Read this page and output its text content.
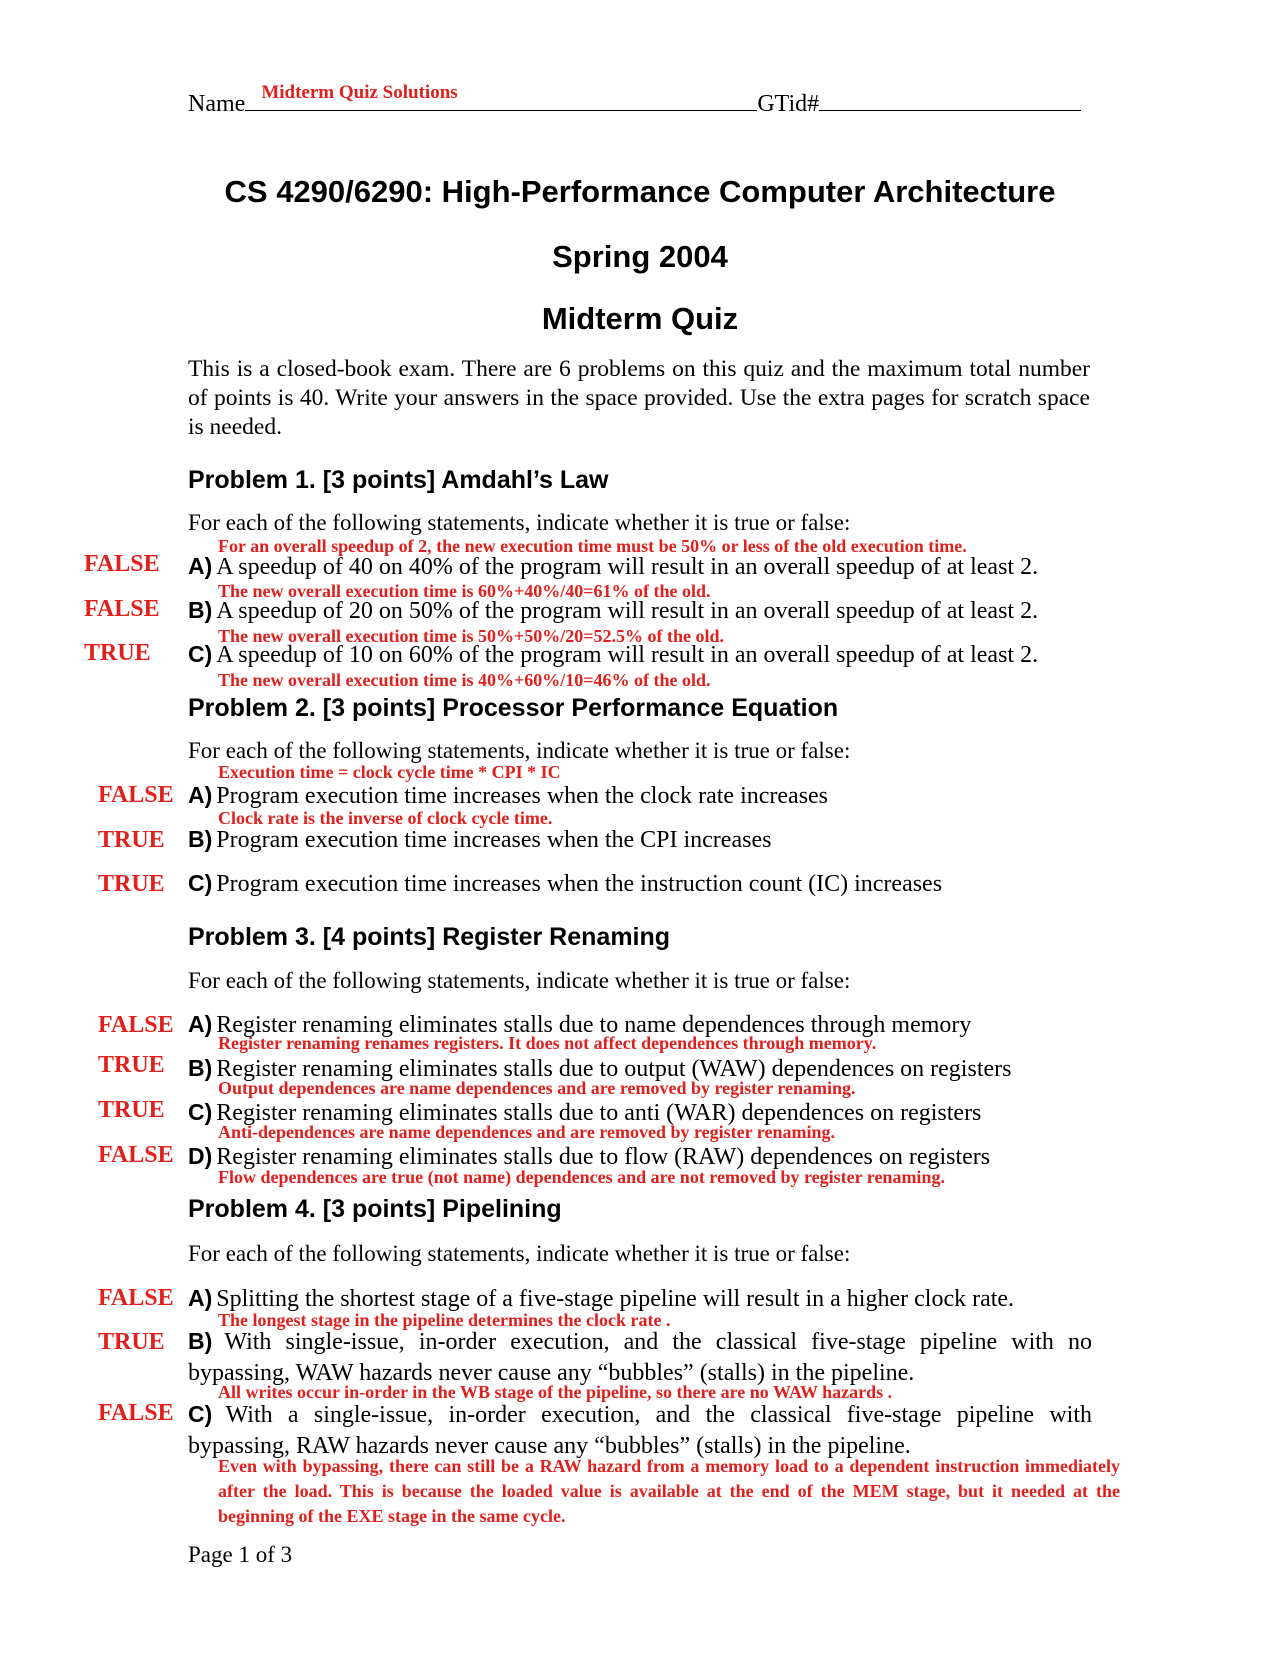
Name Midterm Quiz Solutions	GTid#
CS 4290/6290: High-Performance Computer Architecture
Spring 2004
Midterm Quiz
This is a closed-book exam. There are 6 problems on this quiz and the maximum total number of points is 40. Write your answers in the space provided. Use the extra pages for scratch space is needed.
Problem 1. [3 points] Amdahl’s Law
For each of the following statements, indicate whether it is true or false:
For an overall speedup of 2, the new execution time must be 50% or less of the old execution time.
FALSE A) A speedup of 40 on 40% of the program will result in an overall speedup of at least 2.
The new overall execution time is 60%+40%/40=61% of the old.
FALSE B) A speedup of 20 on 50% of the program will result in an overall speedup of at least 2.
The new overall execution time is 50%+50%/20=52.5% of the old.
TRUE C) A speedup of 10 on 60% of the program will result in an overall speedup of at least 2.
The new overall execution time is 40%+60%/10=46% of the old.
Problem 2. [3 points] Processor Performance Equation
For each of the following statements, indicate whether it is true or false:
Execution time = clock cycle time * CPI * IC
FALSE A) Program execution time increases when the clock rate increases
Clock rate is the inverse of clock cycle time.
TRUE B) Program execution time increases when the CPI increases
TRUE C) Program execution time increases when the instruction count (IC) increases
Problem 3. [4 points] Register Renaming
For each of the following statements, indicate whether it is true or false:
FALSE A) Register renaming eliminates stalls due to name dependences through memory
Register renaming renames registers. It does not affect dependences through memory.
TRUE B) Register renaming eliminates stalls due to output (WAW) dependences on registers
Output dependences are name dependences and are removed by register renaming.
TRUE C) Register renaming eliminates stalls due to anti (WAR) dependences on registers
Anti-dependences are name dependences and are removed by register renaming.
FALSE D) Register renaming eliminates stalls due to flow (RAW) dependences on registers
Flow dependences are true (not name) dependences and are not removed by register renaming.
Problem 4. [3 points] Pipelining
For each of the following statements, indicate whether it is true or false:
FALSE A) Splitting the shortest stage of a five-stage pipeline will result in a higher clock rate.
The longest stage in the pipeline determines the clock rate .
TRUE B) With single-issue, in-order execution, and the classical five-stage pipeline with no bypassing, WAW hazards never cause any “bubbles” (stalls) in the pipeline.
All writes occur in-order in the WB stage of the pipeline, so there are no WAW hazards .
FALSE C) With a single-issue, in-order execution, and the classical five-stage pipeline with bypassing, RAW hazards never cause any “bubbles” (stalls) in the pipeline.
Even with bypassing, there can still be a RAW hazard from a memory load to a dependent instruction immediately after the load. This is because the loaded value is available at the end of the MEM stage, but it needed at the beginning of the EXE stage in the same cycle.
Page 1 of 3
